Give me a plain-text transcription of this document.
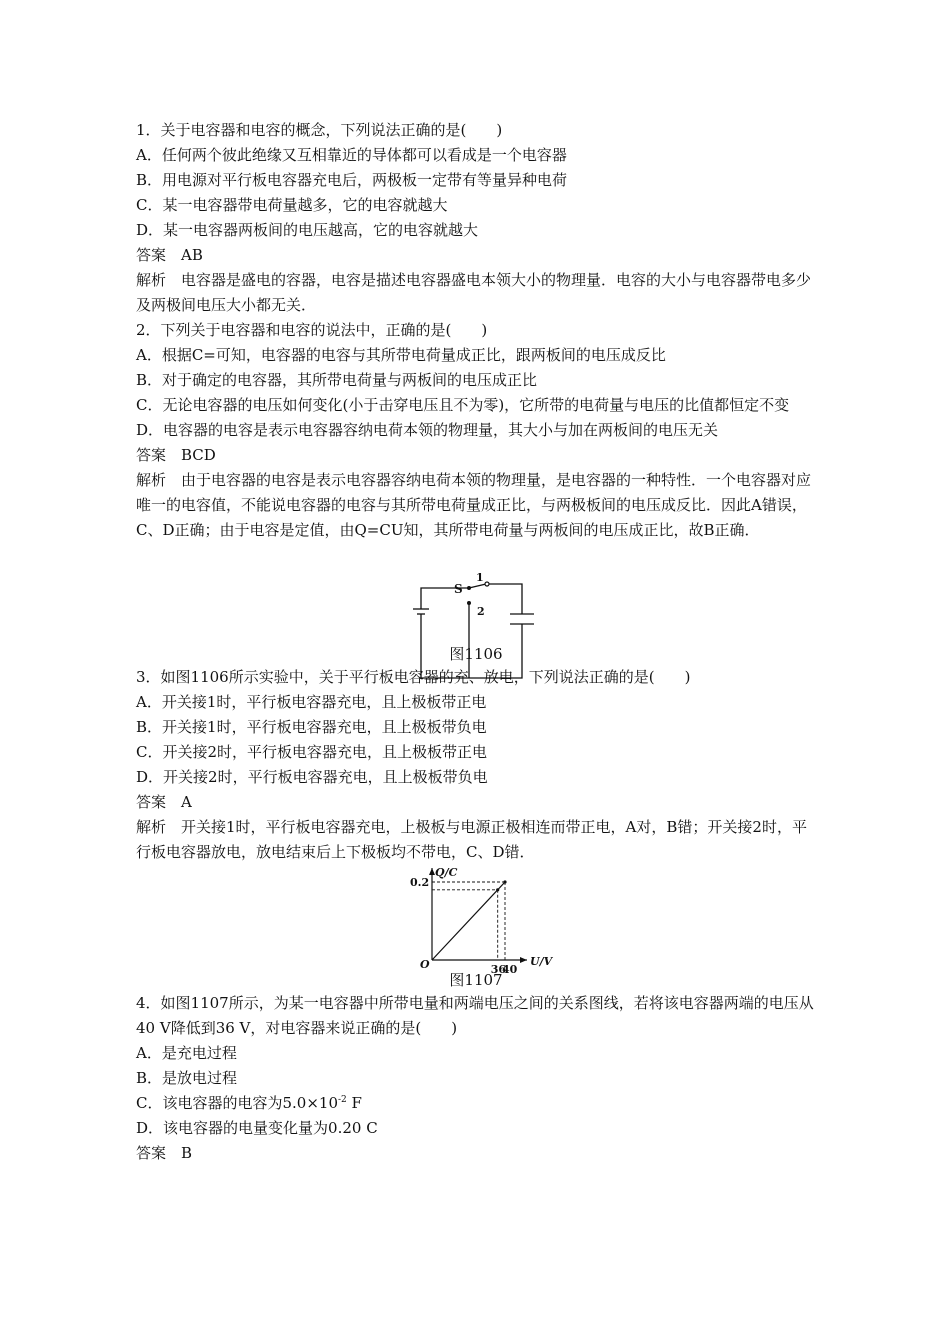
1．关于电容器和电容的概念，下列说法正确的是(　　)
A．任何两个彼此绝缘又互相靠近的导体都可以看成是一个电容器
B．用电源对平行板电容器充电后，两极板一定带有等量异种电荷
C．某一电容器带电荷量越多，它的电容就越大
D．某一电容器两板间的电压越高，它的电容就越大
答案　AB
解析　电容器是盛电的容器，电容是描述电容器盛电本领大小的物理量．电容的大小与电容器带电多少及两极间电压大小都无关．
2．下列关于电容器和电容的说法中，正确的是(　　)
A．根据C=可知，电容器的电容与其所带电荷量成正比，跟两板间的电压成反比
B．对于确定的电容器，其所带电荷量与两板间的电压成正比
C．无论电容器的电压如何变化(小于击穿电压且不为零)，它所带的电荷量与电压的比值都恒定不变
D．电容器的电容是表示电容器容纳电荷本领的物理量，其大小与加在两板间的电压无关
答案　BCD
解析　由于电容器的电容是表示电容器容纳电荷本领的物理量，是电容器的一种特性．一个电容器对应唯一的电容值，不能说电容器的电容与其所带电荷量成正比，与两极板间的电压成反比．因此A错误，C、D正确；由于电容是定值，由Q=CU知，其所带电荷量与两板间的电压成正比，故B正确．
S
1
2
图1106
3．如图1106所示实验中，关于平行板电容器的充、放电，下列说法正确的是(　　)
A．开关接1时，平行板电容器充电，且上极板带正电
B．开关接1时，平行板电容器充电，且上极板带负电
C．开关接2时，平行板电容器充电，且上极板带正电
D．开关接2时，平行板电容器充电，且上极板带负电
答案　A
解析　开关接1时，平行板电容器充电，上极板与电源正极相连而带正电，A对，B错；开关接2时，平行板电容器放电，放电结束后上下极板均不带电，C、D错．
Q/C
U/V
O
0.2
36
40
图1107
4．如图1107所示，为某一电容器中所带电量和两端电压之间的关系图线，若将该电容器两端的电压从40 V降低到36 V，对电容器来说正确的是(　　)
A．是充电过程
B．是放电过程
C．该电容器的电容为$5.0\times 10^{-2}$ F
D．该电容器的电量变化量为0.20 C
答案　B
